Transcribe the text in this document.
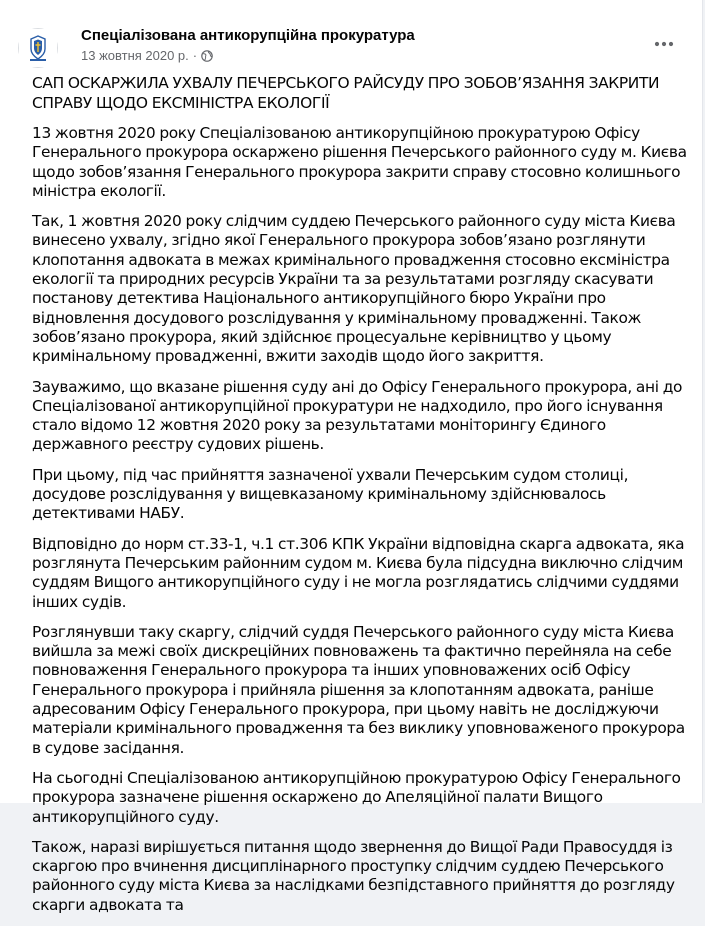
Спеціалізована антикорупційна прокуратура
13 жовтня 2020 р. ·

САП ОСКАРЖИЛА УХВАЛУ ПЕЧЕРСЬКОГО РАЙСУДУ ПРО ЗОБОВ’ЯЗАННЯ ЗАКРИТИ СПРАВУ ЩОДО ЕКСМІНІСТРА ЕКОЛОГІЇ

13 жовтня 2020 року Спеціалізованою антикорупційною прокуратурою Офісу Генерального прокурора оскаржено рішення Печерського районного суду м. Києва щодо зобов’язання Генерального прокурора закрити справу стосовно колишнього міністра екології.

Так, 1 жовтня 2020 року слідчим суддею Печерського районного суду міста Києва винесено ухвалу, згідно якої Генерального прокурора зобов’язано розглянути клопотання адвоката в межах кримінального провадження стосовно ексміністра екології та природних ресурсів України та за результатами розгляду скасувати постанову детектива Національного антикорупційного бюро України про відновлення досудового розслідування у кримінальному провадженні. Також зобов’язано прокурора, який здійснює процесуальне керівництво у цьому кримінальному провадженні, вжити заходів щодо його закриття.

Зауважимо, що вказане рішення суду ані до Офісу Генерального прокурора, ані до Спеціалізованої антикорупційної прокуратури не надходило, про його існування стало відомо 12 жовтня 2020 року за результатами моніторингу Єдиного державного реєстру судових рішень.

При цьому, під час прийняття зазначеної ухвали Печерським судом столиці, досудове розслідування у вищевказаному кримінальному здійснювалось детективами НАБУ.

Відповідно до норм ст.33-1, ч.1 ст.306 КПК України відповідна скарга адвоката, яка розглянута Печерським районним судом м. Києва була підсудна виключно слідчим суддям Вищого антикорупційного суду і не могла розглядатись слідчими суддями інших судів.

Розглянувши таку скаргу, слідчий суддя Печерського районного суду міста Києва вийшла за межі своїх дискреційних повноважень та фактично перейняла на себе повноваження Генерального прокурора та інших уповноважених осіб Офісу Генерального прокурора і прийняла рішення за клопотанням адвоката, раніше адресованим Офісу Генерального прокурора, при цьому навіть не досліджуючи матеріали кримінального провадження та без виклику уповноваженого прокурора в судове засідання.

На сьогодні Спеціалізованою антикорупційною прокуратурою Офісу Генерального прокурора зазначене рішення оскаржено до Апеляційної палати Вищого антикорупційного суду.

Також, наразі вирішується питання щодо звернення до Вищої Ради Правосуддя із скаргою про вчинення дисциплінарного проступку слідчим суддею Печерського районного суду міста Києва за наслідками безпідставного прийняття до розгляду скарги адвоката та
